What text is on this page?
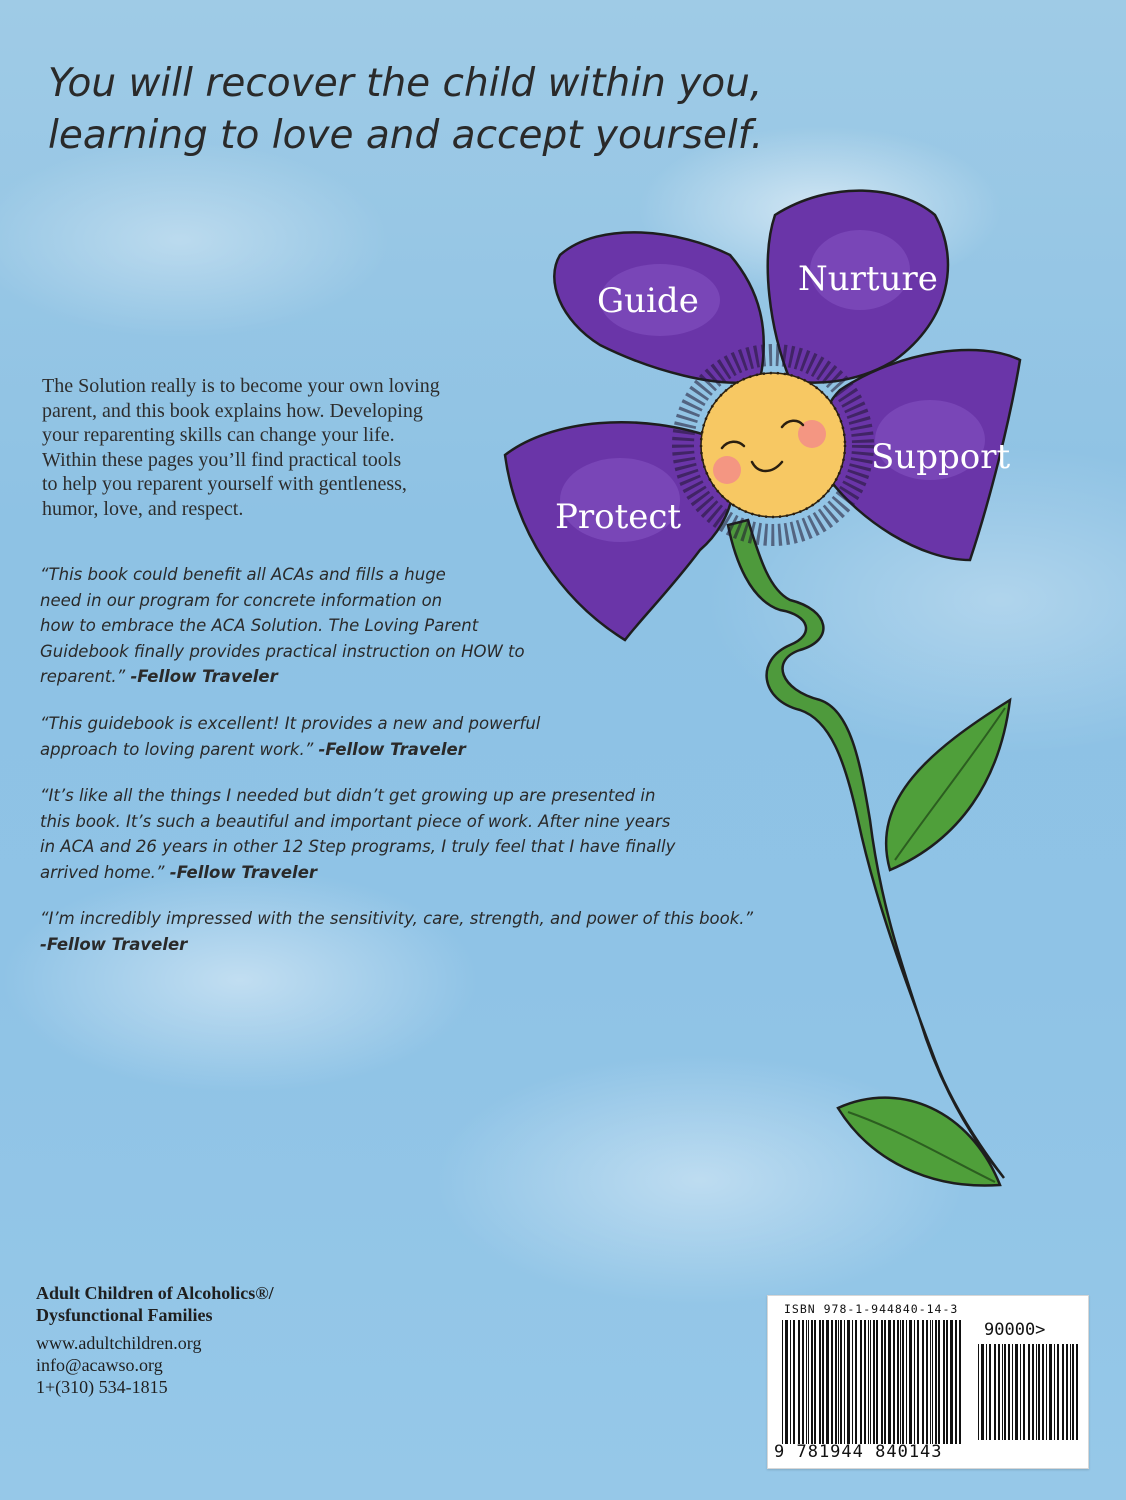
You will recover the child within you,
learning to love and accept yourself.
The Solution really is to become your own loving
parent, and this book explains how. Developing
your reparenting skills can change your life.
Within these pages you’ll find practical tools
to help you reparent yourself with gentleness,
humor, love, and respect.
“This book could benefit all ACAs and fills a huge
need in our program for concrete information on
how to embrace the ACA Solution. The Loving Parent
Guidebook finally provides practical instruction on HOW to
reparent.” -Fellow Traveler
“This guidebook is excellent! It provides a new and powerful
approach to loving parent work.” -Fellow Traveler
“It’s like all the things I needed but didn’t get growing up are presented in
this book. It’s such a beautiful and important piece of work. After nine years
in ACA and 26 years in other 12 Step programs, I truly feel that I have finally
arrived home.” -Fellow Traveler
“I’m incredibly impressed with the sensitivity, care, strength, and power of this book.”
-Fellow Traveler
Guide
Nurture
Support
Protect
Adult Children of Alcoholics®/
Dysfunctional Families
www.adultchildren.org
info@acawso.org
1+(310) 534-1815
ISBN 978-1-944840-14-3
90000>
9 781944 840143
